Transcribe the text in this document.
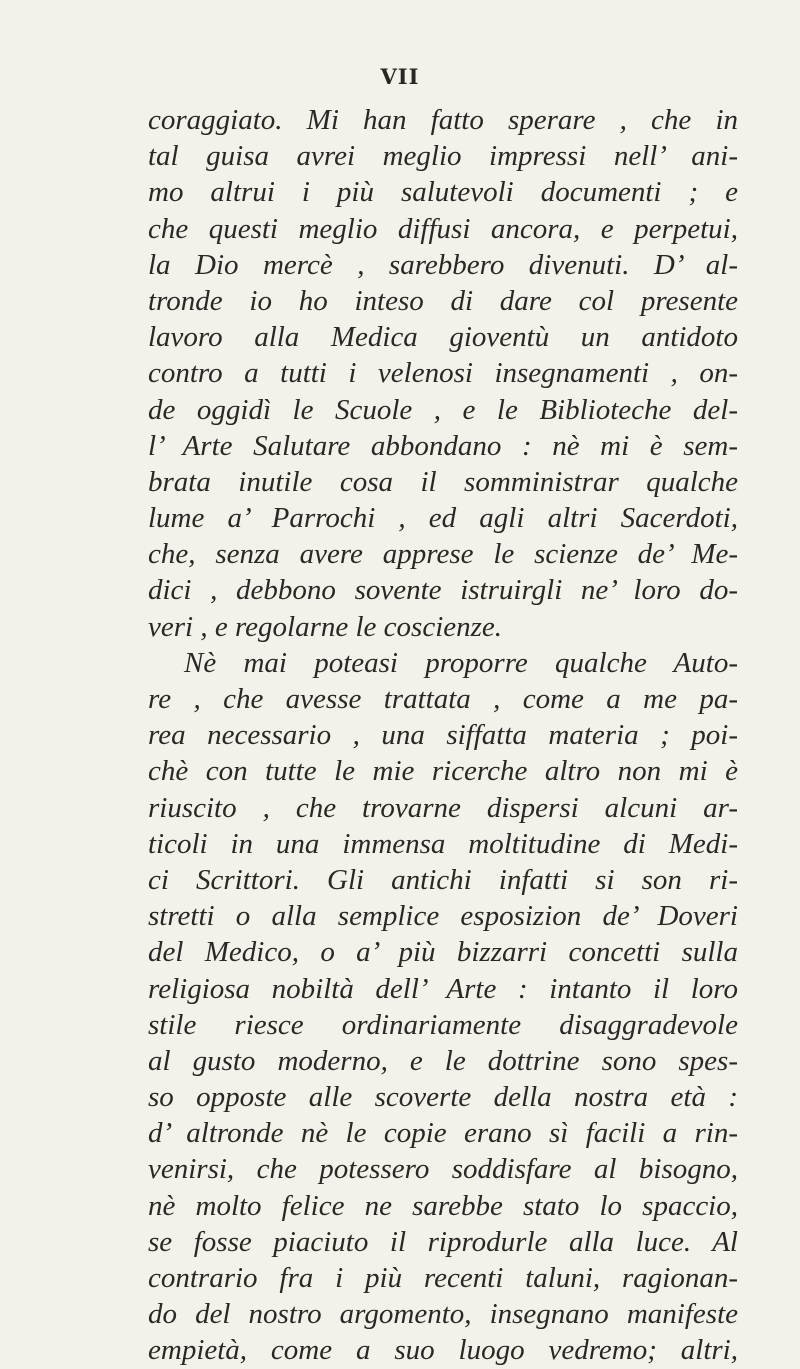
VII
coraggiato. Mi han fatto sperare , che in
tal guisa avrei meglio impressi nell’ ani-
mo altrui i più salutevoli documenti ; e
che questi meglio diffusi ancora, e perpetui,
la Dio mercè , sarebbero divenuti. D’ al-
tronde io ho inteso di dare col presente
lavoro alla Medica gioventù un antidoto
contro a tutti i velenosi insegnamenti , on-
de oggidì le Scuole , e le Biblioteche del-
l’ Arte Salutare abbondano : nè mi è sem-
brata inutile cosa il somministrar qualche
lume a’ Parrochi , ed agli altri Sacerdoti,
che, senza avere apprese le scienze de’ Me-
dici , debbono sovente istruirgli ne’ loro do-
veri , e regolarne le coscienze.
Nè mai poteasi proporre qualche Auto-
re , che avesse trattata , come a me pa-
rea necessario , una siffatta materia ; poi-
chè con tutte le mie ricerche altro non mi è
riuscito , che trovarne dispersi alcuni ar-
ticoli in una immensa moltitudine di Medi-
ci Scrittori. Gli antichi infatti si son ri-
stretti o alla semplice esposizion de’ Doveri
del Medico, o a’ più bizzarri concetti sulla
religiosa nobiltà dell’ Arte : intanto il loro
stile riesce ordinariamente disaggradevole
al gusto moderno, e le dottrine sono spes-
so opposte alle scoverte della nostra età :
d’ altronde nè le copie erano sì facili a rin-
venirsi, che potessero soddisfare al bisogno,
nè molto felice ne sarebbe stato lo spaccio,
se fosse piaciuto il riprodurle alla luce. Al
contrario fra i più recenti taluni, ragionan-
do del nostro argomento, insegnano manifeste
empietà, come a suo luogo vedremo; altri,
